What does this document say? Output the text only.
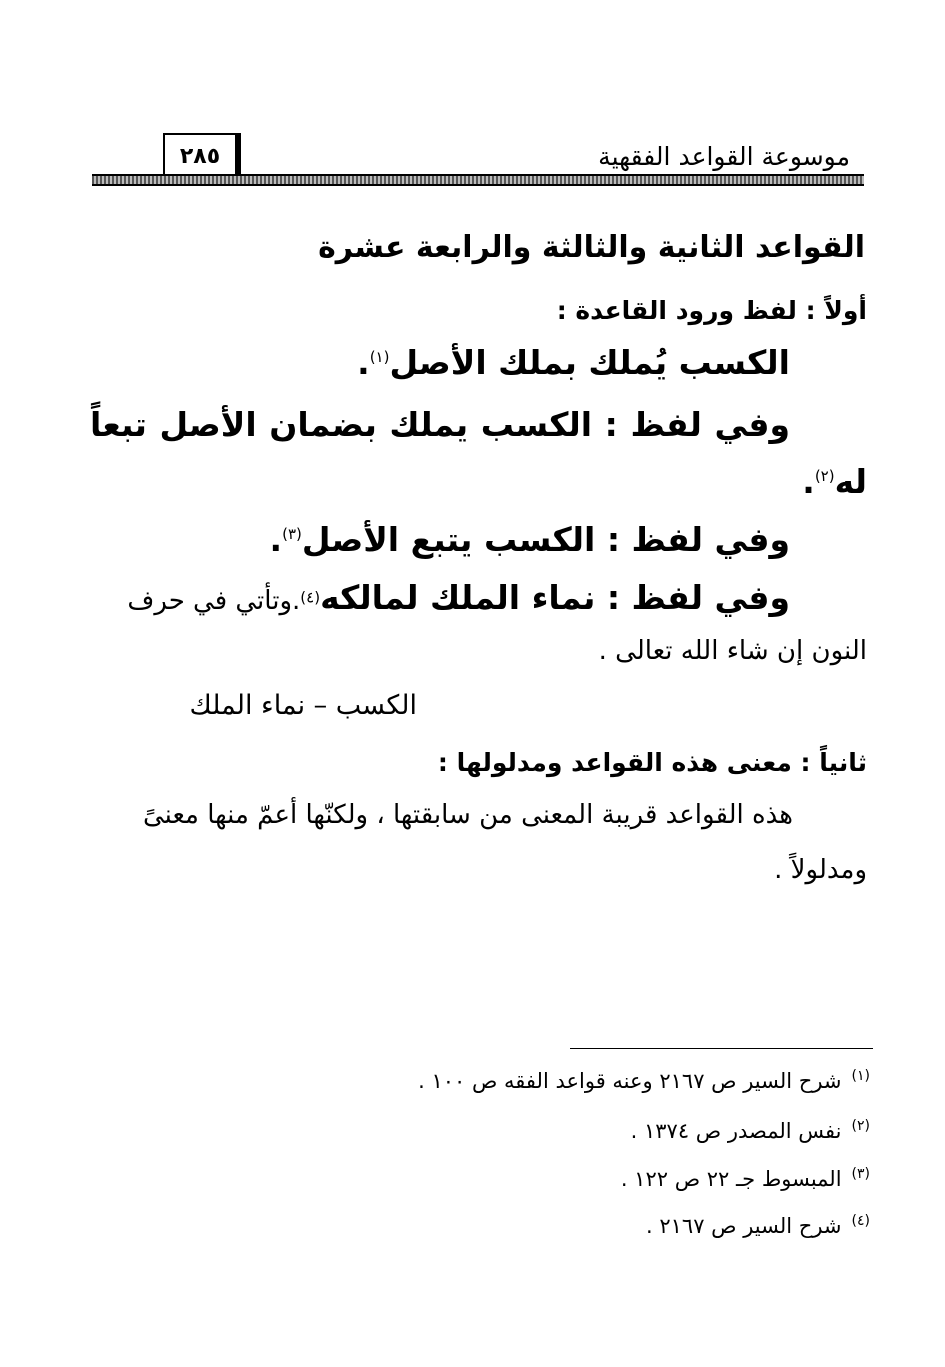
٢٨٥	موسوعة القواعد الفقهية
القواعد الثانية والثالثة والرابعة عشرة
أولاً : لفظ ورود القاعدة :
الكسب يُملك بملك الأصل$^{(١)}$.
وفي لفظ : الكسب يملك بضمان الأصل تبعاً
له$^{(٢)}$.
وفي لفظ : الكسب يتبع الأصل$^{(٣)}$.
وفي لفظ : نماء الملك لمالكه$^{(٤)}$.وتأتي في حرف
النون إن شاء الله تعالى .
الكسب – نماء الملك
ثانياً : معنى هذه القواعد ومدلولها :
هذه القواعد قريبة المعنى من سابقتها ، ولكنّها أعمّ منها معنىً
ومدلولاً .
$^{(١)}$شرح السير ص ٢١٦٧ وعنه قواعد الفقه ص ١٠٠ .
$^{(٢)}$نفس المصدر ص ١٣٧٤ .
$^{(٣)}$المبسوط جـ ٢٢ ص ١٢٢ .
$^{(٤)}$شرح السير ص ٢١٦٧ .
